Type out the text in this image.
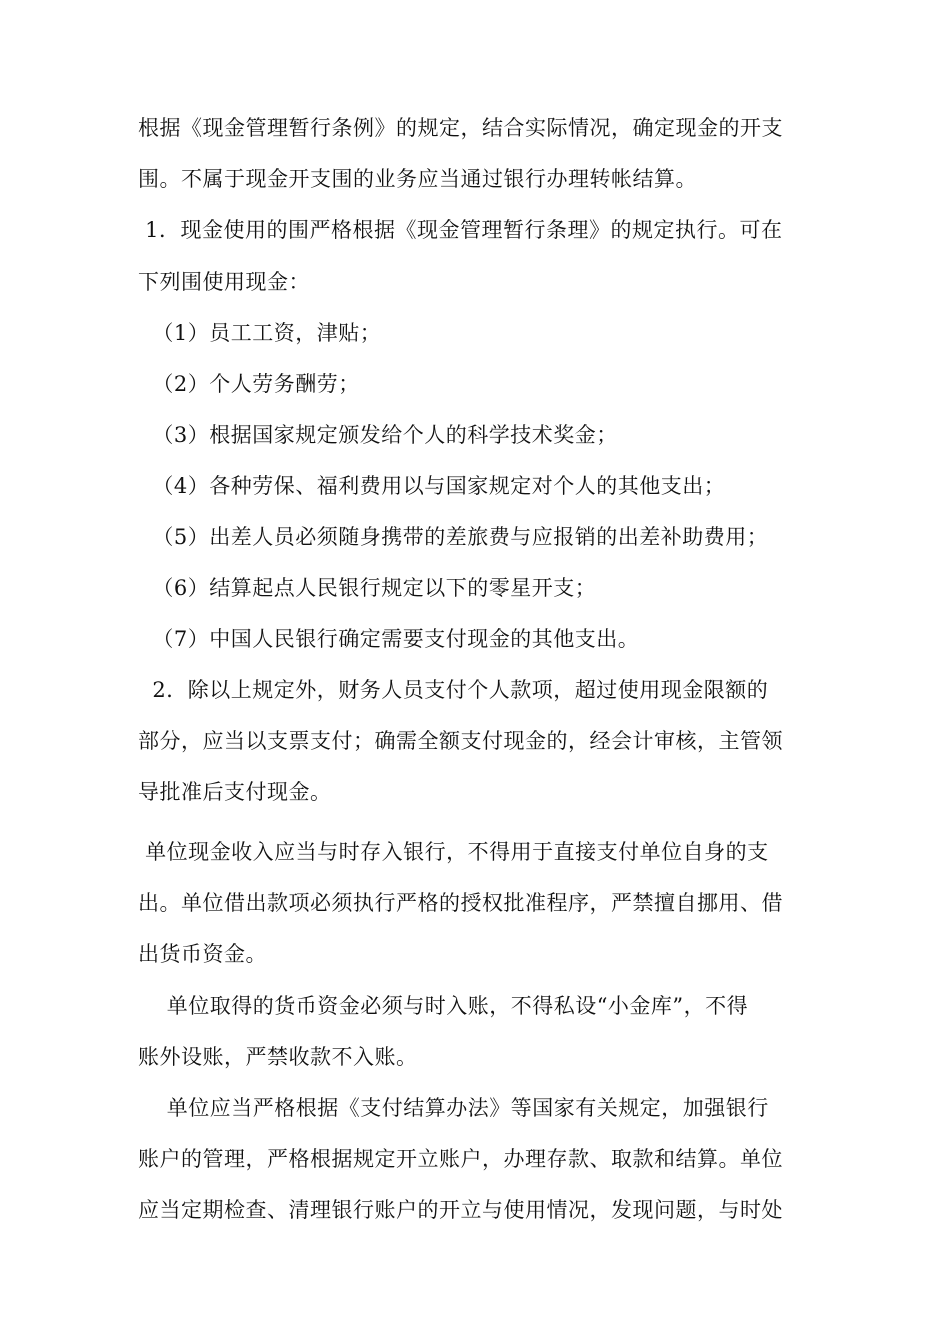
根据《现金管理暂行条例》的规定，结合实际情况，确定现金的开支
围。不属于现金开支围的业务应当通过银行办理转帐结算。
1．现金使用的围严格根据《现金管理暂行条理》的规定执行。可在
下列围使用现金：
（1）员工工资，津贴；
（2）个人劳务酬劳；
（3）根据国家规定颁发给个人的科学技术奖金；
（4）各种劳保、福利费用以与国家规定对个人的其他支出；
（5）出差人员必须随身携带的差旅费与应报销的出差补助费用；
（6）结算起点人民银行规定以下的零星开支；
（7）中国人民银行确定需要支付现金的其他支出。
2．除以上规定外，财务人员支付个人款项，超过使用现金限额的
部分，应当以支票支付；确需全额支付现金的，经会计审核，主管领
导批准后支付现金。
单位现金收入应当与时存入银行，不得用于直接支付单位自身的支
出。单位借出款项必须执行严格的授权批准程序，严禁擅自挪用、借
出货币资金。
单位取得的货币资金必须与时入账，不得私设“小金库”，不得
账外设账，严禁收款不入账。
单位应当严格根据《支付结算办法》等国家有关规定，加强银行
账户的管理，严格根据规定开立账户，办理存款、取款和结算。单位
应当定期检查、清理银行账户的开立与使用情况，发现问题，与时处
